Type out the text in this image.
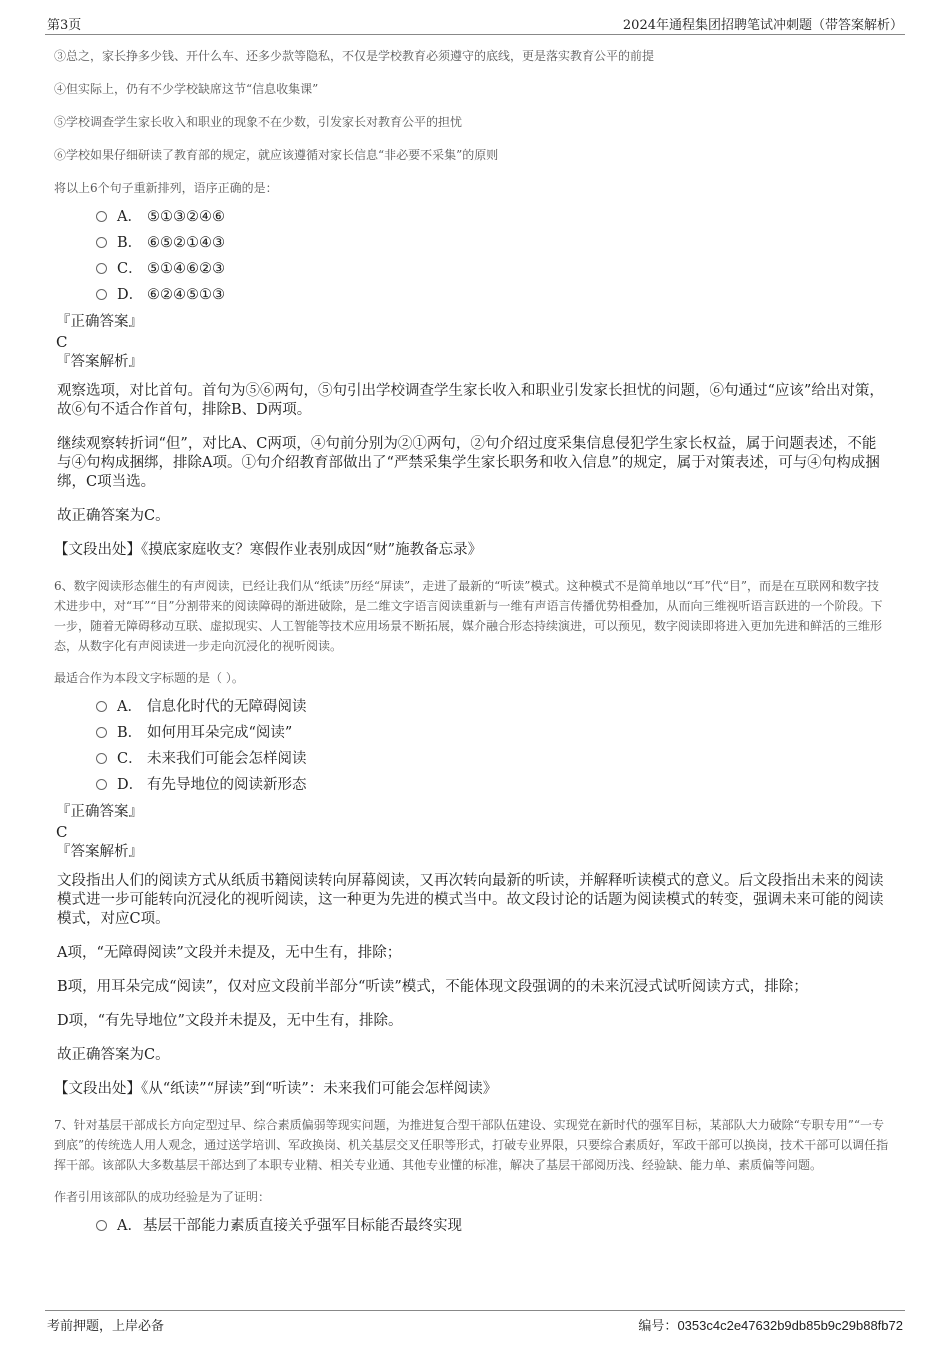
第3页	2024年通程集团招聘笔试冲刺题（带答案解析）

③总之，家长挣多少钱、开什么车、还多少款等隐私，不仅是学校教育必须遵守的底线，更是落实教育公平的前提

④但实际上，仍有不少学校缺席这节“信息收集课”

⑤学校调查学生家长收入和职业的现象不在少数，引发家长对教育公平的担忧

⑥学校如果仔细研读了教育部的规定，就应该遵循对家长信息“非必要不采集”的原则

将以上6个句子重新排列，语序正确的是：

A． ⑤①③②④⑥
B． ⑥⑤②①④③
C． ⑤①④⑥②③
D． ⑥②④⑤①③
『正确答案』
C
『答案解析』

观察选项，对比首句。首句为⑤⑥两句，⑤句引出学校调查学生家长收入和职业引发家长担忧的问题，⑥句通过“应该”给出对策，故⑥句不适合作首句，排除B、D两项。

继续观察转折词“但”，对比A、C两项，④句前分别为②①两句，②句介绍过度采集信息侵犯学生家长权益，属于问题表述，不能与④句构成捆绑，排除A项。①句介绍教育部做出了“严禁采集学生家长职务和收入信息”的规定，属于对策表述，可与④句构成捆绑，C项当选。

故正确答案为C。

【文段出处】《摸底家庭收支？寒假作业表别成因“财”施教备忘录》

6、数字阅读形态催生的有声阅读，已经让我们从“纸读”历经“屏读”，走进了最新的“听读”模式。这种模式不是简单地以“耳”代“目”，而是在互联网和数字技术进步中，对“耳”“目”分割带来的阅读障碍的渐进破除，是二维文字语言阅读重新与一维有声语言传播优势相叠加，从而向三维视听语言跃进的一个阶段。下一步，随着无障碍移动互联、虚拟现实、人工智能等技术应用场景不断拓展，媒介融合形态持续演进，可以预见，数字阅读即将进入更加先进和鲜活的三维形态，从数字化有声阅读进一步走向沉浸化的视听阅读。

最适合作为本段文字标题的是（ ）。

A． 信息化时代的无障碍阅读
B． 如何用耳朵完成“阅读”
C． 未来我们可能会怎样阅读
D． 有先导地位的阅读新形态
『正确答案』
C
『答案解析』

文段指出人们的阅读方式从纸质书籍阅读转向屏幕阅读，又再次转向最新的听读，并解释听读模式的意义。后文段指出未来的阅读模式进一步可能转向沉浸化的视听阅读，这一种更为先进的模式当中。故文段讨论的话题为阅读模式的转变，强调未来可能的阅读模式，对应C项。

A项，“无障碍阅读”文段并未提及，无中生有，排除；

B项，用耳朵完成“阅读”，仅对应文段前半部分“听读”模式，不能体现文段强调的的未来沉浸式试听阅读方式，排除；

D项，“有先导地位”文段并未提及，无中生有，排除。

故正确答案为C。

【文段出处】《从“纸读”“屏读”到“听读”：未来我们可能会怎样阅读》

7、针对基层干部成长方向定型过早、综合素质偏弱等现实问题，为推进复合型干部队伍建设、实现党在新时代的强军目标，某部队大力破除“专职专用”“一专到底”的传统选人用人观念，通过送学培训、军政换岗、机关基层交叉任职等形式，打破专业界限，只要综合素质好，军政干部可以换岗，技术干部可以调任指挥干部。该部队大多数基层干部达到了本职专业精、相关专业通、其他专业懂的标准，解决了基层干部阅历浅、经验缺、能力单、素质偏等问题。

作者引用该部队的成功经验是为了证明：

A．基层干部能力素质直接关乎强军目标能否最终实现
考前押题，上岸必备	编号：0353c4c2e47632b9db85b9c29b88fb72
